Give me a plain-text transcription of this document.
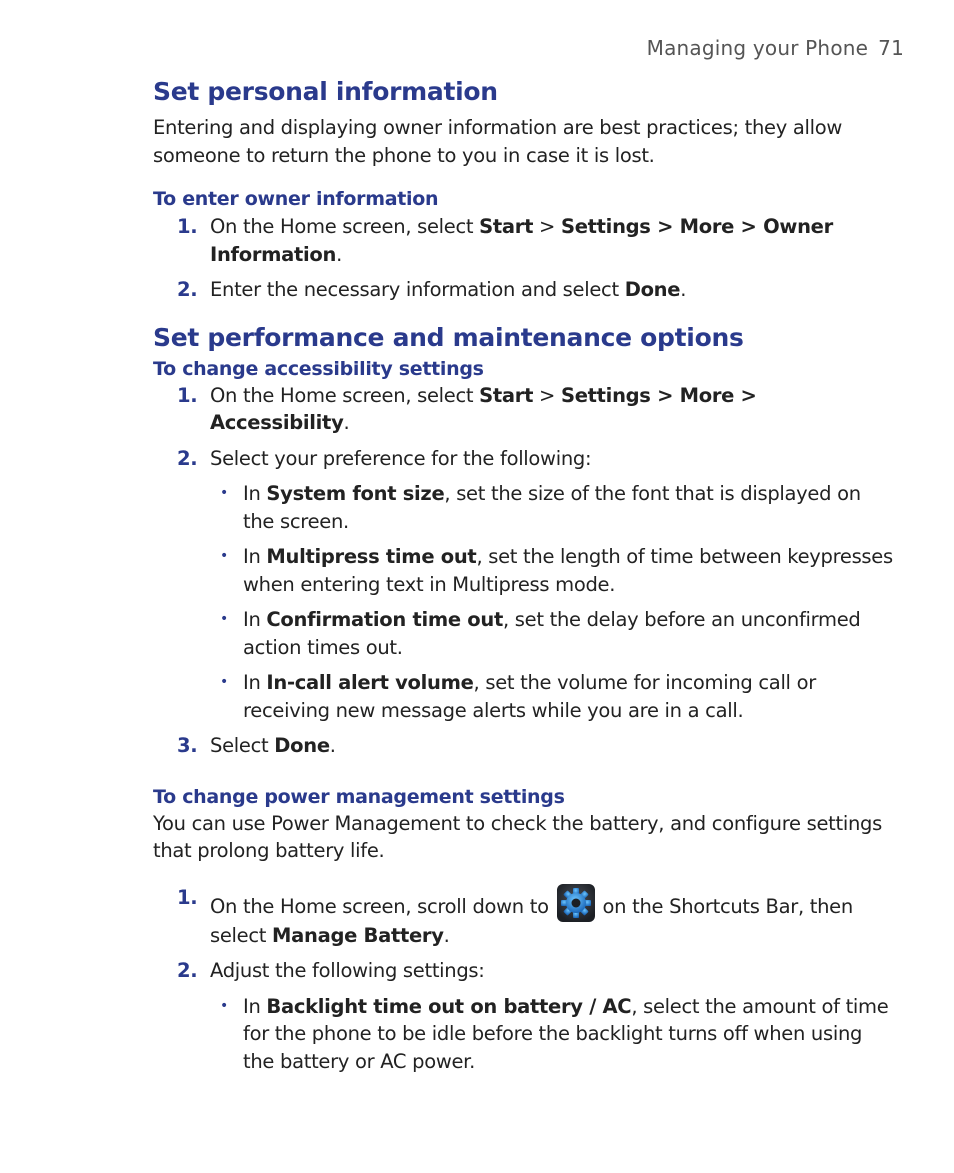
Managing your Phone 71
Set personal information

Entering and displaying owner information are best practices; they allow someone to return the phone to you in case it is lost.

To enter owner information
1. On the Home screen, select Start > Settings > More > Owner Information.
2. Enter the necessary information and select Done.
Set performance and maintenance options
To change accessibility settings
1. On the Home screen, select Start > Settings > More > Accessibility.
2. Select your preference for the following:
• In System font size, set the size of the font that is displayed on the screen.
• In Multipress time out, set the length of time between keypresses when entering text in Multipress mode.
• In Confirmation time out, set the delay before an unconfirmed action times out.
• In In-call alert volume, set the volume for incoming call or receiving new message alerts while you are in a call.
3. Select Done.
To change power management settings

You can use Power Management to check the battery, and configure settings that prolong battery life.

1. On the Home screen, scroll down to
on the Shortcuts Bar, then select Manage Battery.
2. Adjust the following settings:
• In Backlight time out on battery / AC, select the amount of time for the phone to be idle before the backlight turns off when using the battery or AC power.
